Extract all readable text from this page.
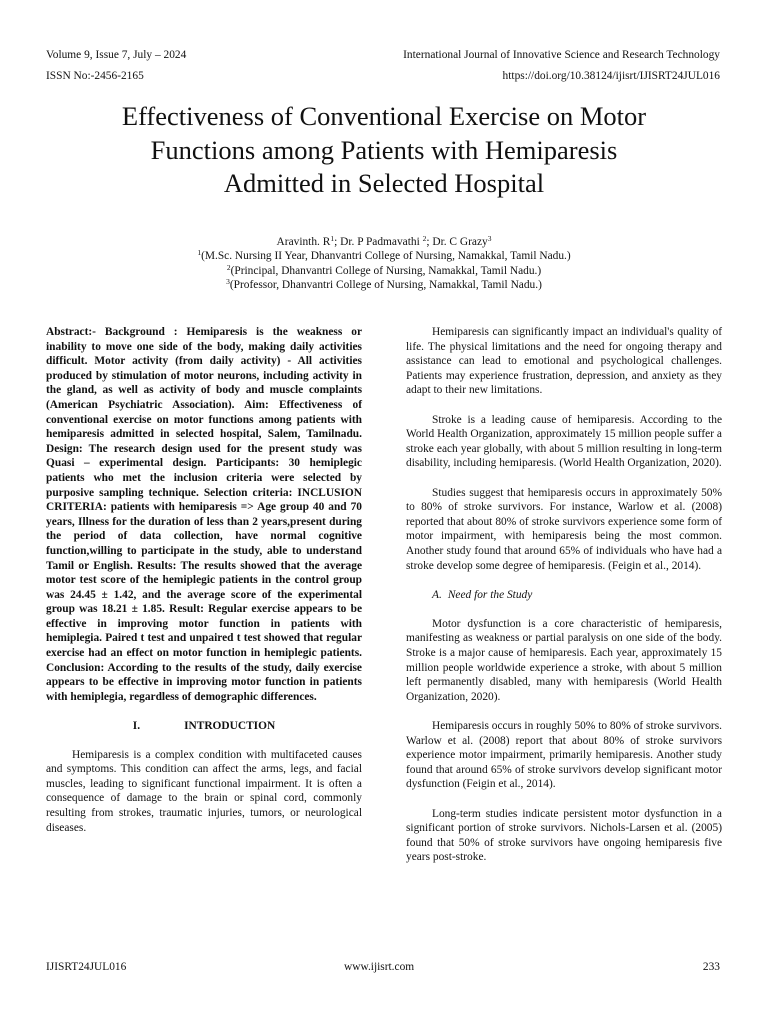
Volume 9, Issue 7, July – 2024
ISSN No:-2456-2165
International Journal of Innovative Science and Research Technology
https://doi.org/10.38124/ijisrt/IJISRT24JUL016
Effectiveness of Conventional Exercise on Motor
Functions among Patients with Hemiparesis
Admitted in Selected Hospital
Aravinth. $R^1$; Dr. P Padmavathi $^2$; Dr. C Grazy$^3$
$^1$(M.Sc. Nursing II Year, Dhanvantri College of Nursing, Namakkal, Tamil Nadu.)
$^2$(Principal, Dhanvantri College of Nursing, Namakkal, Tamil Nadu.)
$^3$(Professor, Dhanvantri College of Nursing, Namakkal, Tamil Nadu.)

Abstract:- Background : Hemiparesis is the weakness or inability to move one side of the body, making daily activities difficult. Motor activity (from daily activity) - All activities produced by stimulation of motor neurons, including activity in the gland, as well as activity of body and muscle complaints (American Psychiatric Association). Aim: Effectiveness of conventional exercise on motor functions among patients with hemiparesis admitted in selected hospital, Salem, Tamilnadu. Design: The research design used for the present study was Quasi – experimental design. Participants: 30 hemiplegic patients who met the inclusion criteria were selected by purposive sampling technique. Selection criteria: INCLUSION CRITERIA: patients with hemiparesis => Age group 40 and 70 years, Illness for the duration of less than 2 years,present during the period of data collection, have normal cognitive function,willing to participate in the study, able to understand Tamil or English. Results: The results showed that the average motor test score of the hemiplegic patients in the control group was 24.45 ± 1.42, and the average score of the experimental group was 18.21 ± 1.85. Result: Regular exercise appears to be effective in improving motor function in patients with hemiplegia. Paired t test and unpaired t test showed that regular exercise had an effect on motor function in hemiplegic patients. Conclusion: According to the results of the study, daily exercise appears to be effective in improving motor function in patients with hemiplegia, regardless of demographic differences.

I.	INTRODUCTION

Hemiparesis is a complex condition with multifaceted causes and symptoms. This condition can affect the arms, legs, and facial muscles, leading to significant functional impairment. It is often a consequence of damage to the brain or spinal cord, commonly resulting from strokes, traumatic injuries, tumors, or neurological diseases.

Hemiparesis can significantly impact an individual's quality of life. The physical limitations and the need for ongoing therapy and assistance can lead to emotional and psychological challenges. Patients may experience frustration, depression, and anxiety as they adapt to their new limitations.

Stroke is a leading cause of hemiparesis. According to the World Health Organization, approximately 15 million people suffer a stroke each year globally, with about 5 million resulting in long-term disability, including hemiparesis. (World Health Organization, 2020).

Studies suggest that hemiparesis occurs in approximately 50% to 80% of stroke survivors. For instance, Warlow et al. (2008) reported that about 80% of stroke survivors experience some form of motor impairment, with hemiparesis being the most common. Another study found that around 65% of individuals who have had a stroke develop some degree of hemiparesis. (Feigin et al., 2014).

A. Need for the Study

Motor dysfunction is a core characteristic of hemiparesis, manifesting as weakness or partial paralysis on one side of the body. Stroke is a major cause of hemiparesis. Each year, approximately 15 million people worldwide experience a stroke, with about 5 million left permanently disabled, many with hemiparesis (World Health Organization, 2020).

Hemiparesis occurs in roughly 50% to 80% of stroke survivors. Warlow et al. (2008) report that about 80% of stroke survivors experience motor impairment, primarily hemiparesis. Another study found that around 65% of stroke survivors develop significant motor dysfunction (Feigin et al., 2014).

Long-term studies indicate persistent motor dysfunction in a significant portion of stroke survivors. Nichols-Larsen et al. (2005) found that 50% of stroke survivors have ongoing hemiparesis five years post-stroke.

IJISRT24JUL016	www.ijisrt.com	233
